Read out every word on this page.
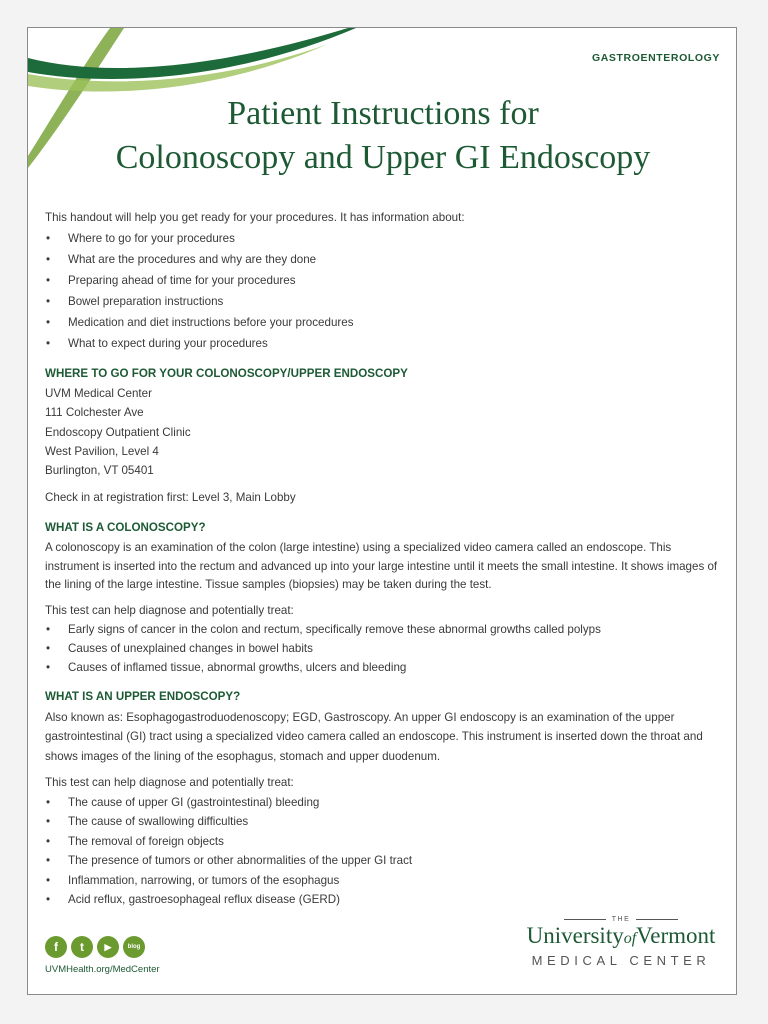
GASTROENTEROLOGY
Patient Instructions for
Colonoscopy and Upper GI Endoscopy

This handout will help you get ready for your procedures. It has information about:

• Where to go for your procedures
• What are the procedures and why are they done
• Preparing ahead of time for your procedures
• Bowel preparation instructions
• Medication and diet instructions before your procedures
• What to expect during your procedures

WHERE TO GO FOR YOUR COLONOSCOPY/UPPER ENDOSCOPY

UVM Medical Center

111 Colchester Ave

Endoscopy Outpatient Clinic

West Pavilion, Level 4

Burlington, VT 05401

Check in at registration first: Level 3, Main Lobby

WHAT IS A COLONOSCOPY?

A colonoscopy is an examination of the colon (large intestine) using a specialized video camera called an endoscope. This instrument is inserted into the rectum and advanced up into your large intestine until it meets the small intestine. It shows images of the lining of the large intestine. Tissue samples (biopsies) may be taken during the test.

This test can help diagnose and potentially treat:

• Early signs of cancer in the colon and rectum, specifically remove these abnormal growths called polyps
• Causes of unexplained changes in bowel habits
• Causes of inflamed tissue, abnormal growths, ulcers and bleeding

WHAT IS AN UPPER ENDOSCOPY?

Also known as: Esophagogastroduodenoscopy; EGD, Gastroscopy. An upper GI endoscopy is an examination of the upper gastrointestinal (GI) tract using a specialized video camera called an endoscope. This instrument is inserted down the throat and shows images of the lining of the esophagus, stomach and upper duodenum.

This test can help diagnose and potentially treat:

• The cause of upper GI (gastrointestinal) bleeding
• The cause of swallowing difficulties
• The removal of foreign objects
• The presence of tumors or other abnormalities of the upper GI tract
• Inflammation, narrowing, or tumors of the esophagus
• Acid reflux, gastroesophageal reflux disease (GERD)
f	t	▶	blog
UVMHealth.org/MedCenter
THE
UniversityofVermont
MEDICAL CENTER
